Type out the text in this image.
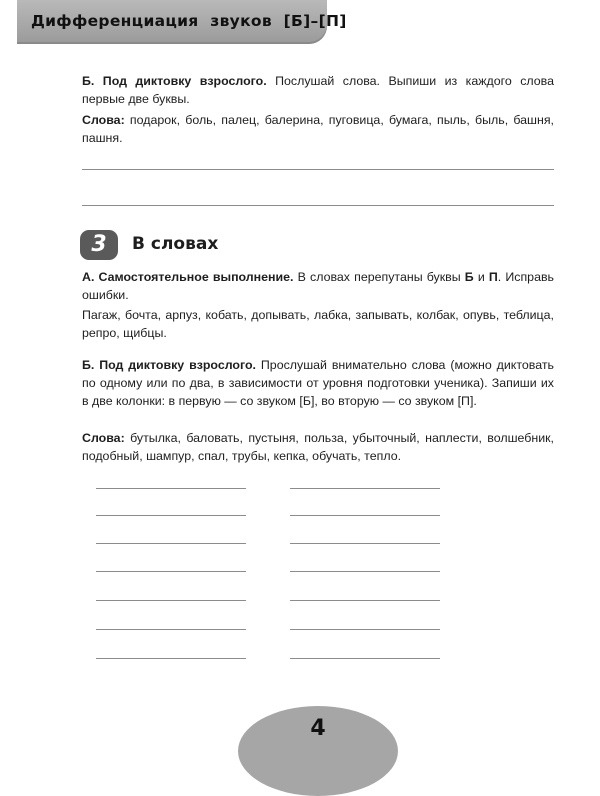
Дифференциация звуков [Б]–[П]

Б. Под диктовку взрослого. Послушай слова. Выпиши из каждого слова первые две буквы.

Слова: подарок, боль, палец, балерина, пуговица, бумага, пыль, быль, башня, пашня.

3	В словах

А. Самостоятельное выполнение. В словах перепутаны буквы Б и П. Исправь ошибки.

Пагаж, бочта, арпуз, кобать, допывать, лабка, запывать, колбак, опувь, теблица, репро, щибцы.

Б. Под диктовку взрослого. Прослушай внимательно слова (можно диктовать по одному или по два, в зависимости от уровня подготовки ученика). Запиши их в две колонки: в первую — со звуком [Б], во вторую — со звуком [П].

Слова: бутылка, баловать, пустыня, польза, убыточный, наплести, волшебник, подобный, шампур, спал, трубы, кепка, обучать, тепло.

4
